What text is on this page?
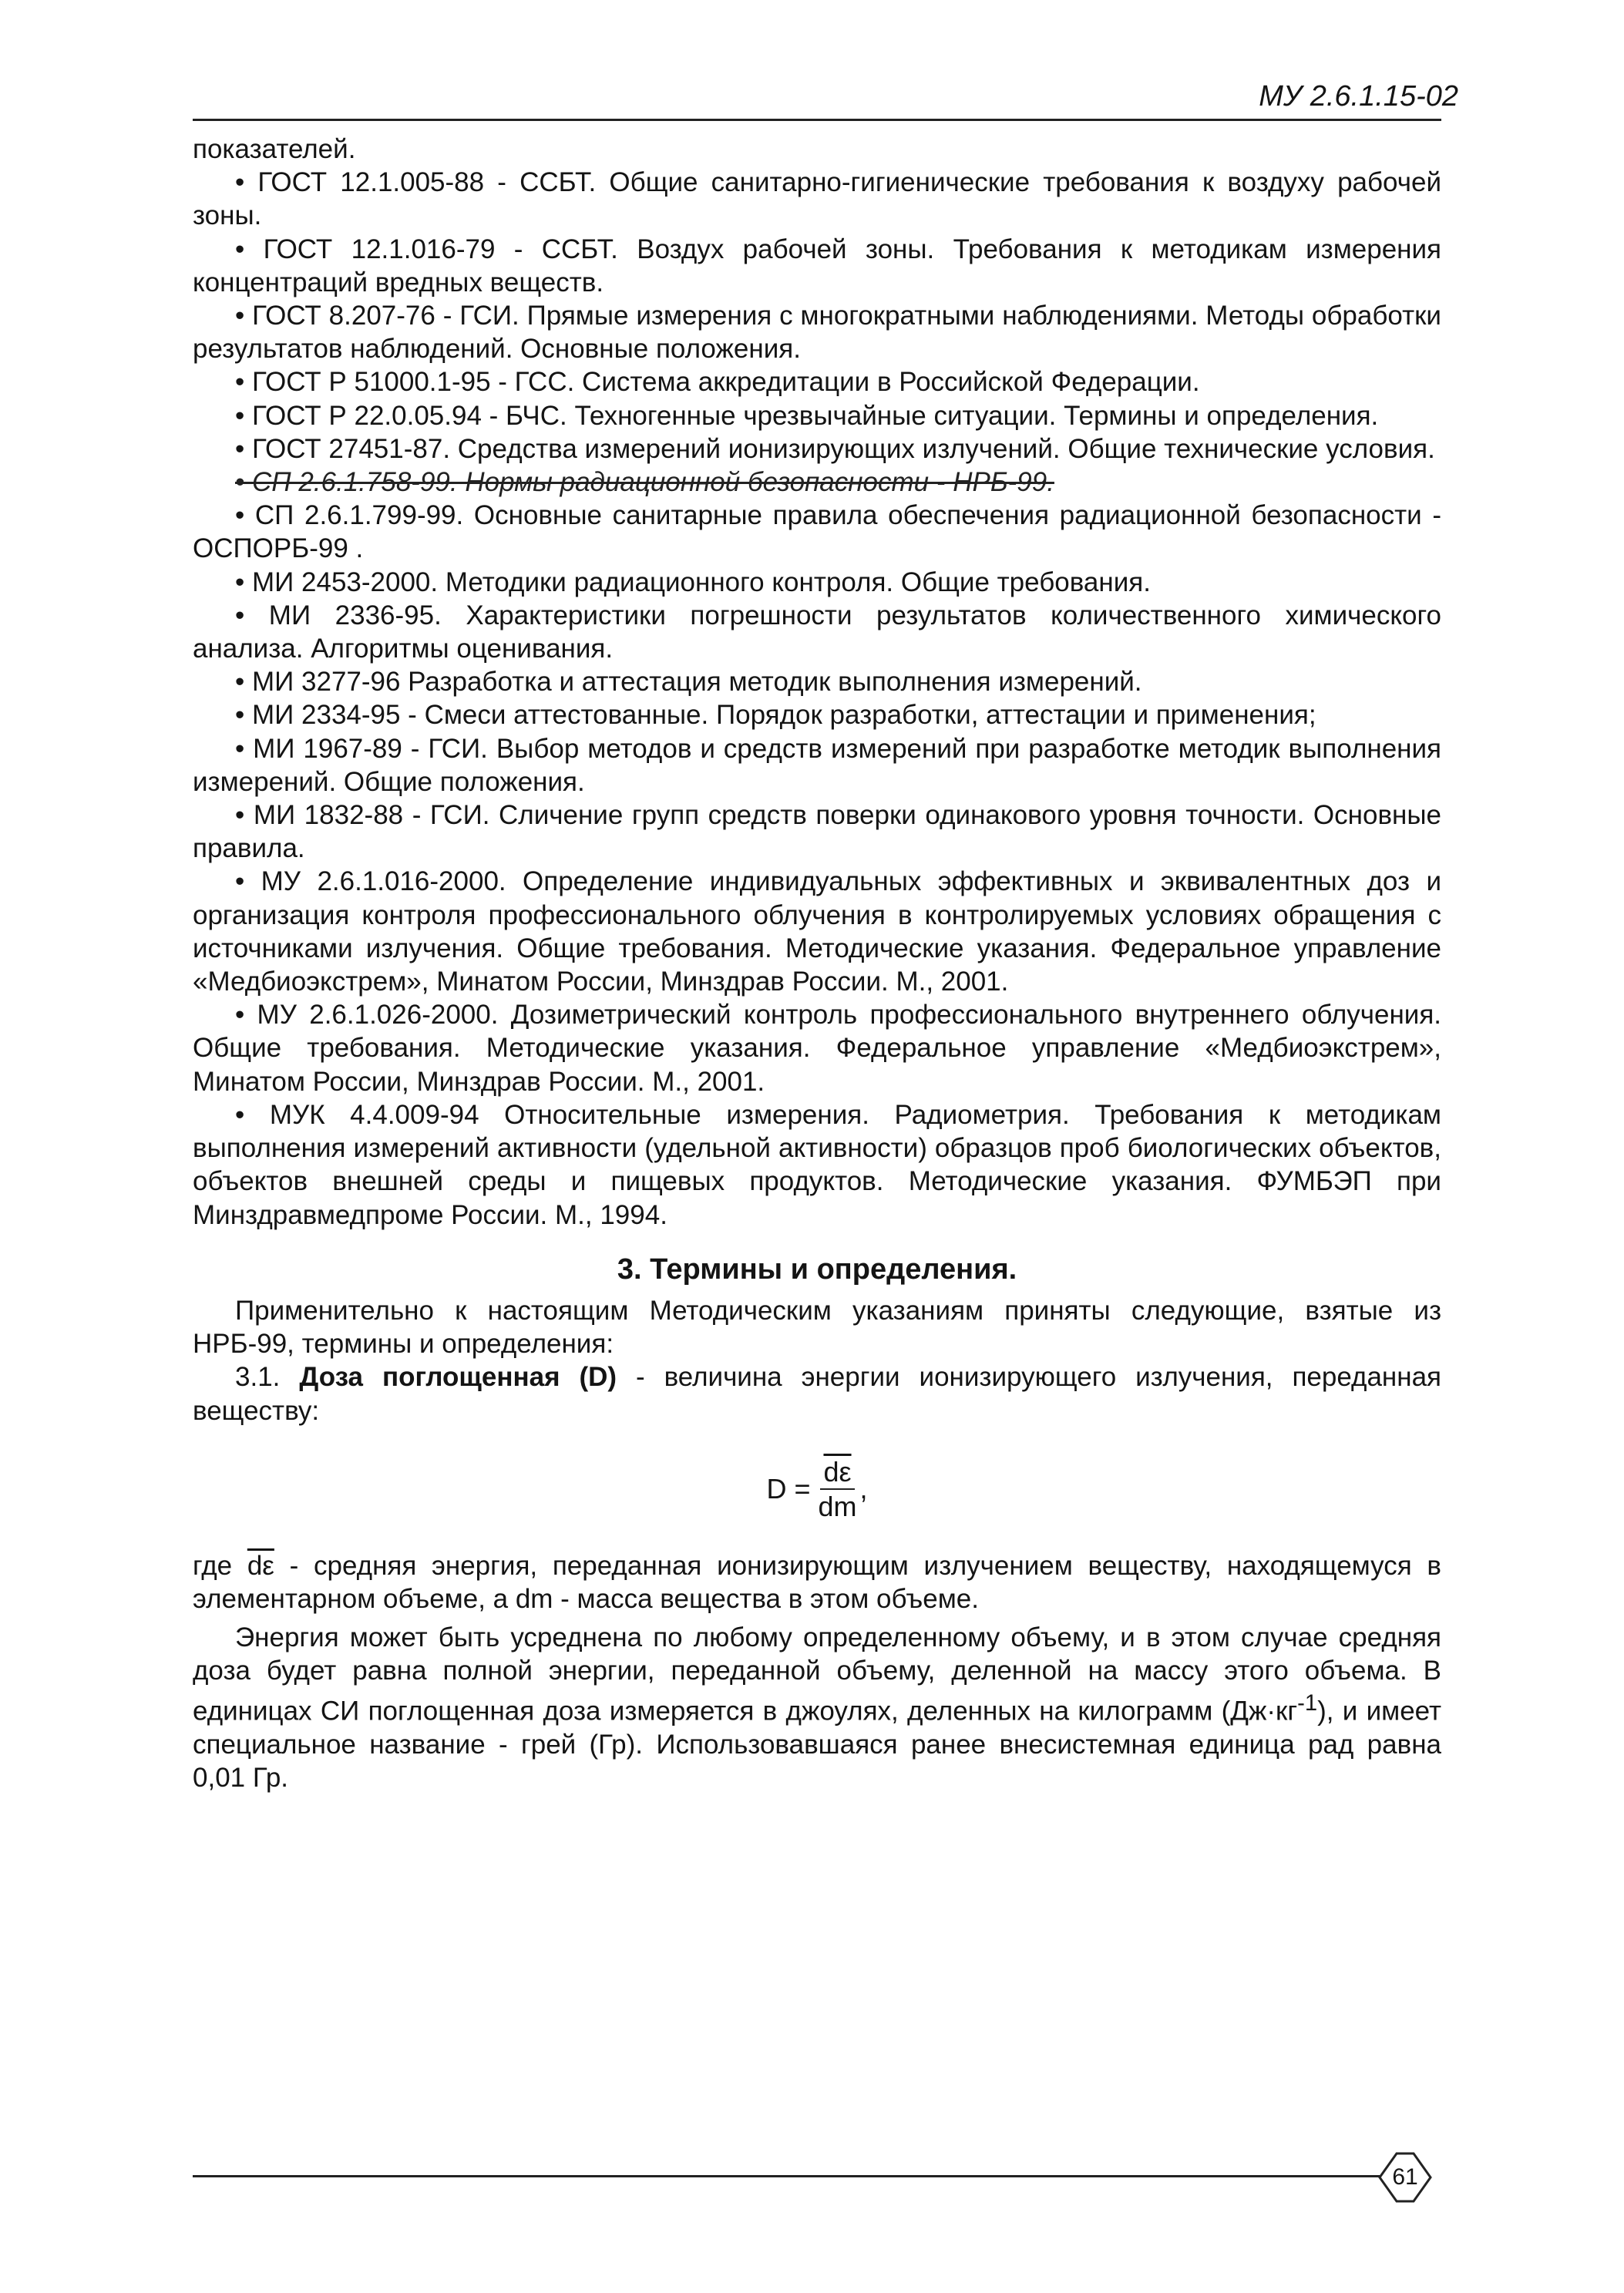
МУ 2.6.1.15-02

показателей.

• ГОСТ 12.1.005-88 - ССБТ. Общие санитарно-гигиенические требования к воздуху рабочей зоны.

• ГОСТ 12.1.016-79 - ССБТ. Воздух рабочей зоны. Требования к методикам измерения концентраций вредных веществ.

• ГОСТ 8.207-76 - ГСИ. Прямые измерения с многократными наблюдениями. Методы обработки результатов наблюдений. Основные положения.

• ГОСТ Р 51000.1-95 - ГСС. Система аккредитации в Российской Федерации.

• ГОСТ Р 22.0.05.94 - БЧС. Техногенные чрезвычайные ситуации. Термины и определения.

• ГОСТ 27451-87. Средства измерений ионизирующих излучений. Общие технические условия.

• СП 2.6.1.758-99. Нормы радиационной безопасности - НРБ-99.

• СП 2.6.1.799-99. Основные санитарные правила обеспечения радиационной безопасности - ОСПОРБ-99 .

• МИ 2453-2000. Методики радиационного контроля. Общие требования.

• МИ 2336-95. Характеристики погрешности результатов количественного химического анализа. Алгоритмы оценивания.

• МИ 3277-96 Разработка и аттестация методик выполнения измерений.

• МИ 2334-95 - Смеси аттестованные. Порядок разработки, аттестации и применения;

• МИ 1967-89 - ГСИ. Выбор методов и средств измерений при разработке методик выполнения измерений. Общие положения.

• МИ 1832-88 - ГСИ. Сличение групп средств поверки одинакового уровня точности. Основные правила.

• МУ 2.6.1.016-2000. Определение индивидуальных эффективных и эквивалентных доз и организация контроля профессионального облучения в контролируемых условиях обращения с источниками излучения. Общие требования. Методические указания. Федеральное управление «Медбиоэкстрем», Минатом России, Минздрав России. М., 2001.

• МУ 2.6.1.026-2000. Дозиметрический контроль профессионального внутреннего облучения. Общие требования. Методические указания. Федеральное управление «Медбиоэкстрем», Минатом России, Минздрав России. М., 2001.

• МУК 4.4.009-94 Относительные измерения. Радиометрия. Требования к методикам выполнения измерений активности (удельной активности) образцов проб биологических объектов, объектов внешней среды и пищевых продуктов. Методические указания. ФУМБЭП при Минздравмедпроме России. М., 1994.

3. Термины и определения.

Применительно к настоящим Методическим указаниям приняты следующие, взятые из НРБ-99, термины и определения:

3.1. Доза поглощенная (D) - величина энергии ионизирующего излучения, переданная веществу:

$D = \frac{\overline{d\varepsilon}}{dm}$ ,

где $\overline{d\varepsilon}$ - средняя энергия, переданная ионизирующим излучением веществу, находящемуся в элементарном объеме, а dm - масса вещества в этом объеме.

Энергия может быть усреднена по любому определенному объему, и в этом случае средняя доза будет равна полной энергии, переданной объему, деленной на массу этого объема. В единицах СИ поглощенная доза измеряется в джоулях, деленных на килограмм $(Дж\cdot кг^{-1})$, и имеет специальное название - грей (Гр). Использовавшаяся ранее внесистемная единица рад равна 0,01 Гр.

61
